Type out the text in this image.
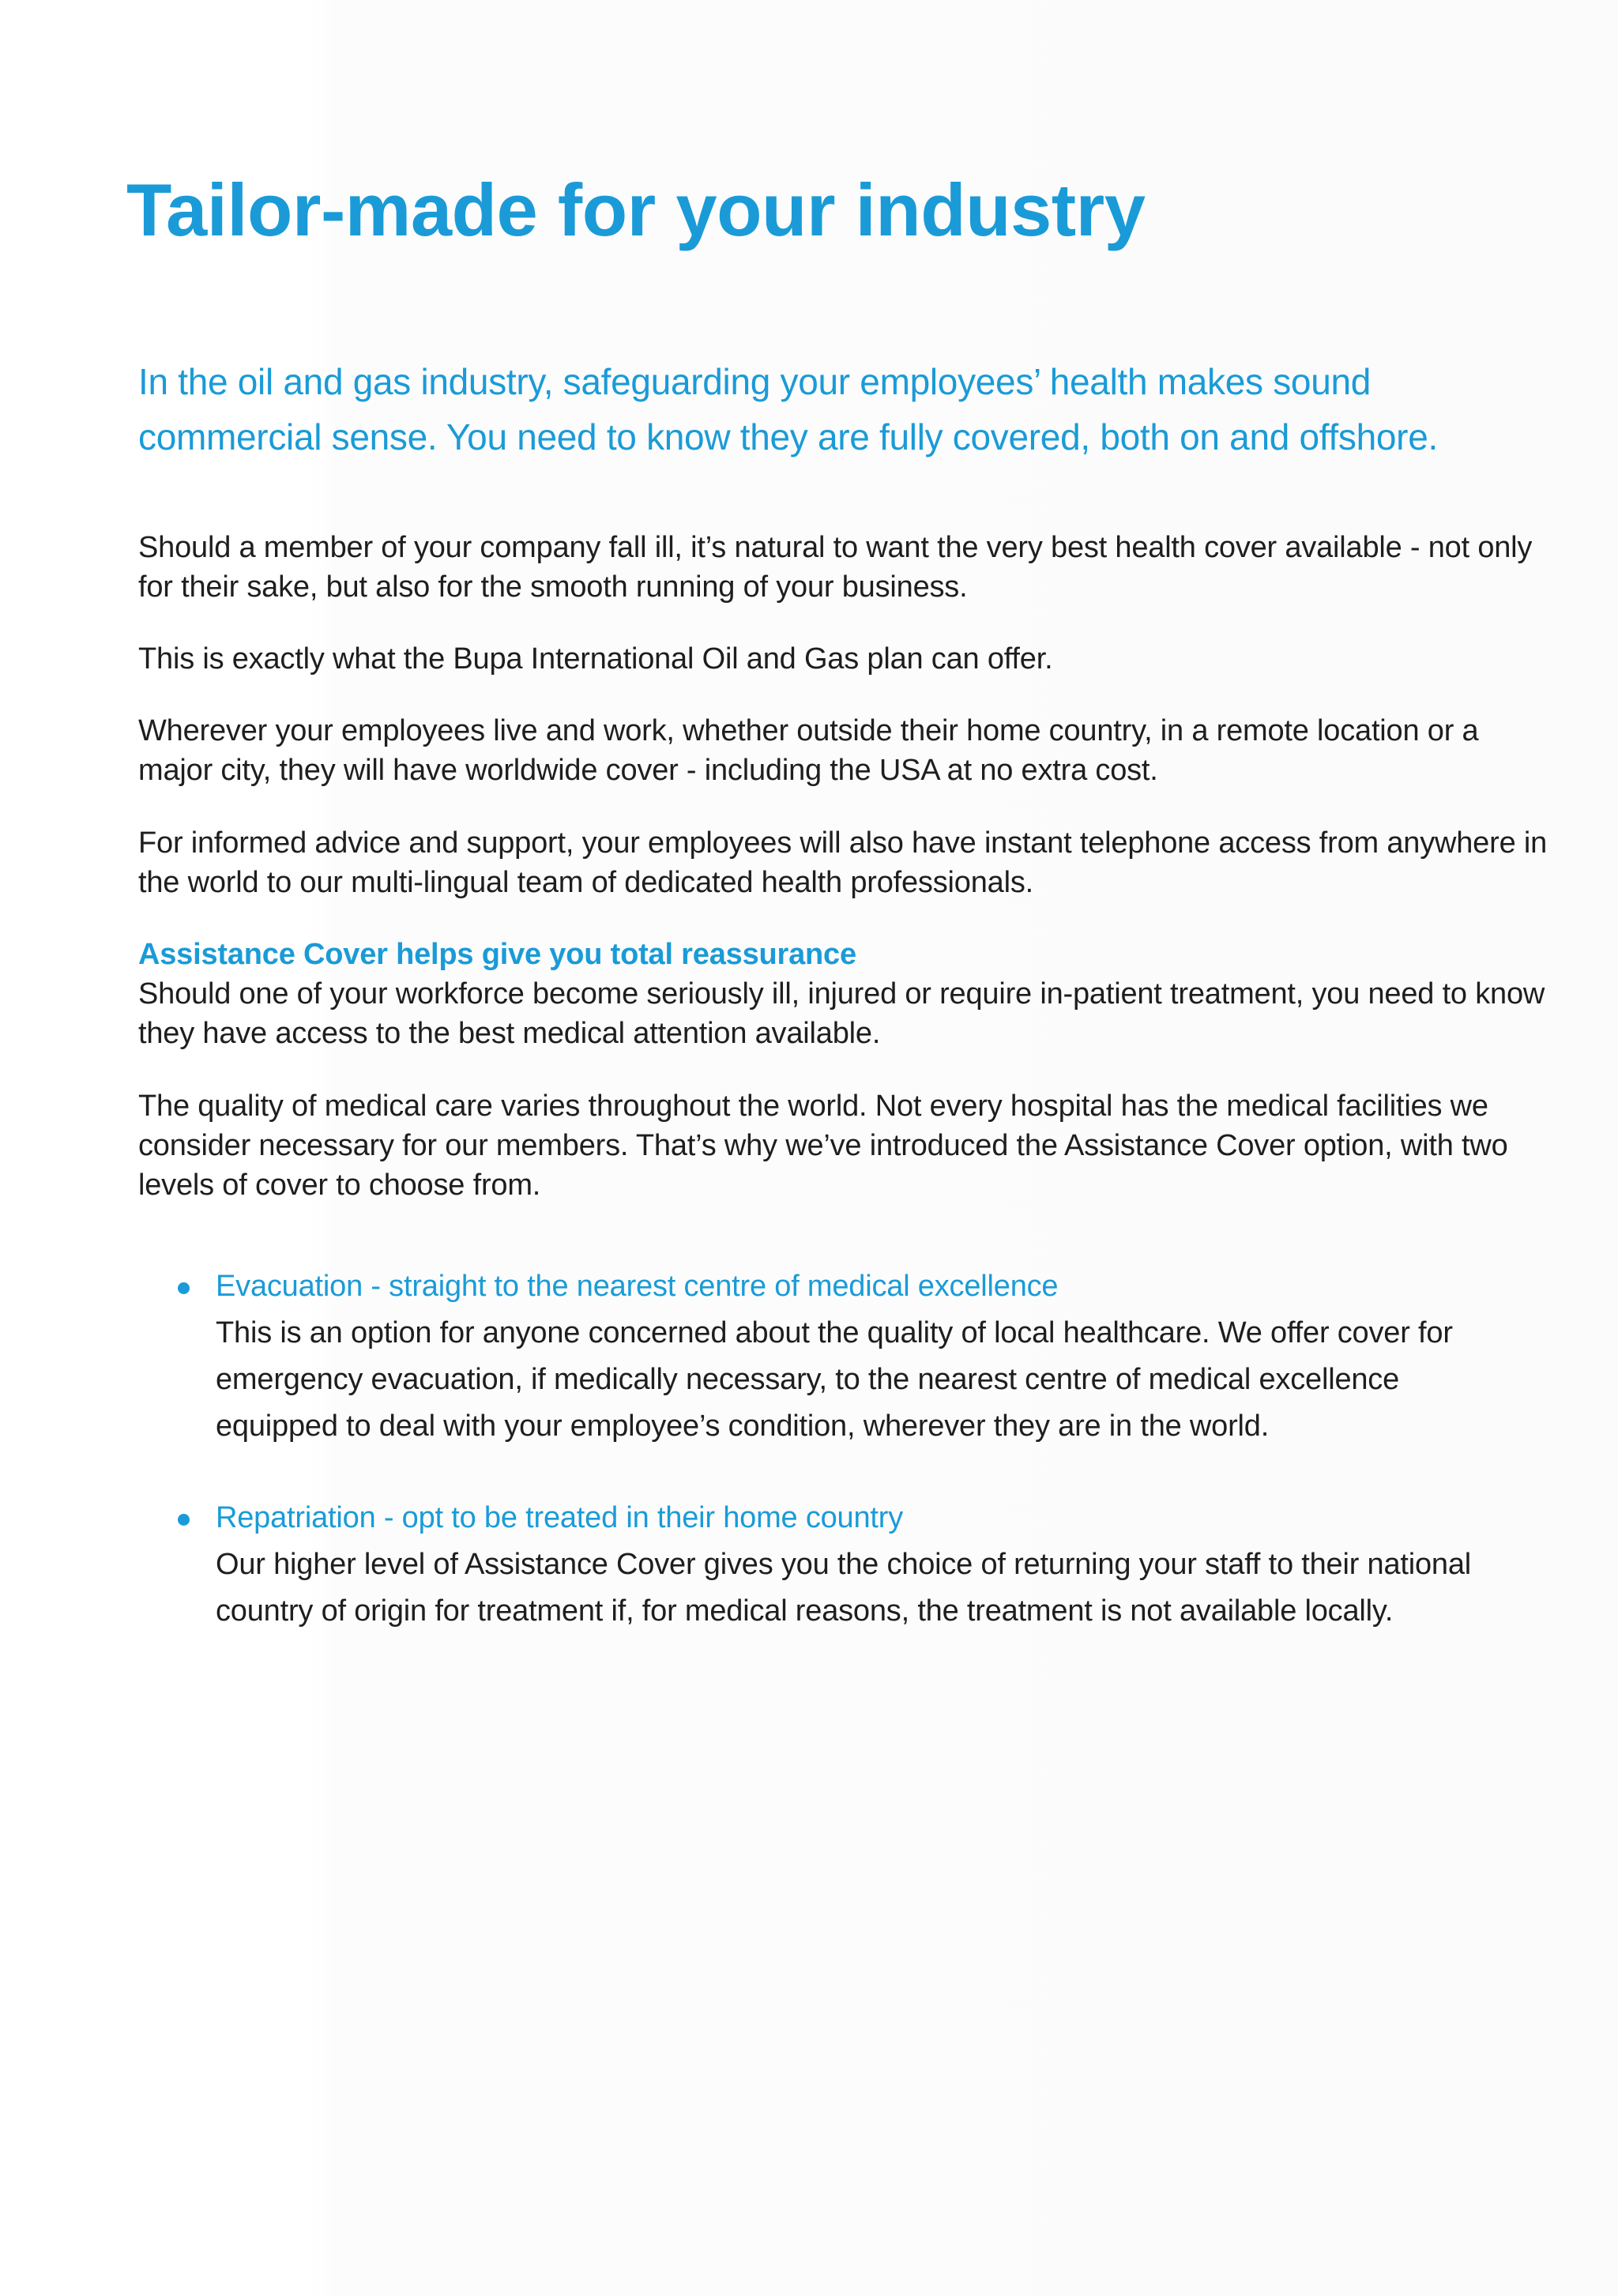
Tailor-made for your industry

In the oil and gas industry, safeguarding your employees’ health makes sound commercial sense. You need to know they are fully covered, both on and offshore.

Should a member of your company fall ill, it’s natural to want the very best health cover available - not only for their sake, but also for the smooth running of your business.

This is exactly what the Bupa International Oil and Gas plan can offer.

Wherever your employees live and work, whether outside their home country, in a remote location or a major city, they will have worldwide cover - including the USA at no extra cost.

For informed advice and support, your employees will also have instant telephone access from anywhere in the world to our multi-lingual team of dedicated health professionals.

Assistance Cover helps give you total reassurance

Should one of your workforce become seriously ill, injured or require in-patient treatment, you need to know they have access to the best medical attention available.

The quality of medical care varies throughout the world. Not every hospital has the medical facilities we consider necessary for our members. That’s why we’ve introduced the Assistance Cover option, with two levels of cover to choose from.

Evacuation - straight to the nearest centre of medical excellence

This is an option for anyone concerned about the quality of local healthcare. We offer cover for emergency evacuation, if medically necessary, to the nearest centre of medical excellence equipped to deal with your employee’s condition, wherever they are in the world.

Repatriation - opt to be treated in their home country

Our higher level of Assistance Cover gives you the choice of returning your staff to their national country of origin for treatment if, for medical reasons, the treatment is not available locally.
